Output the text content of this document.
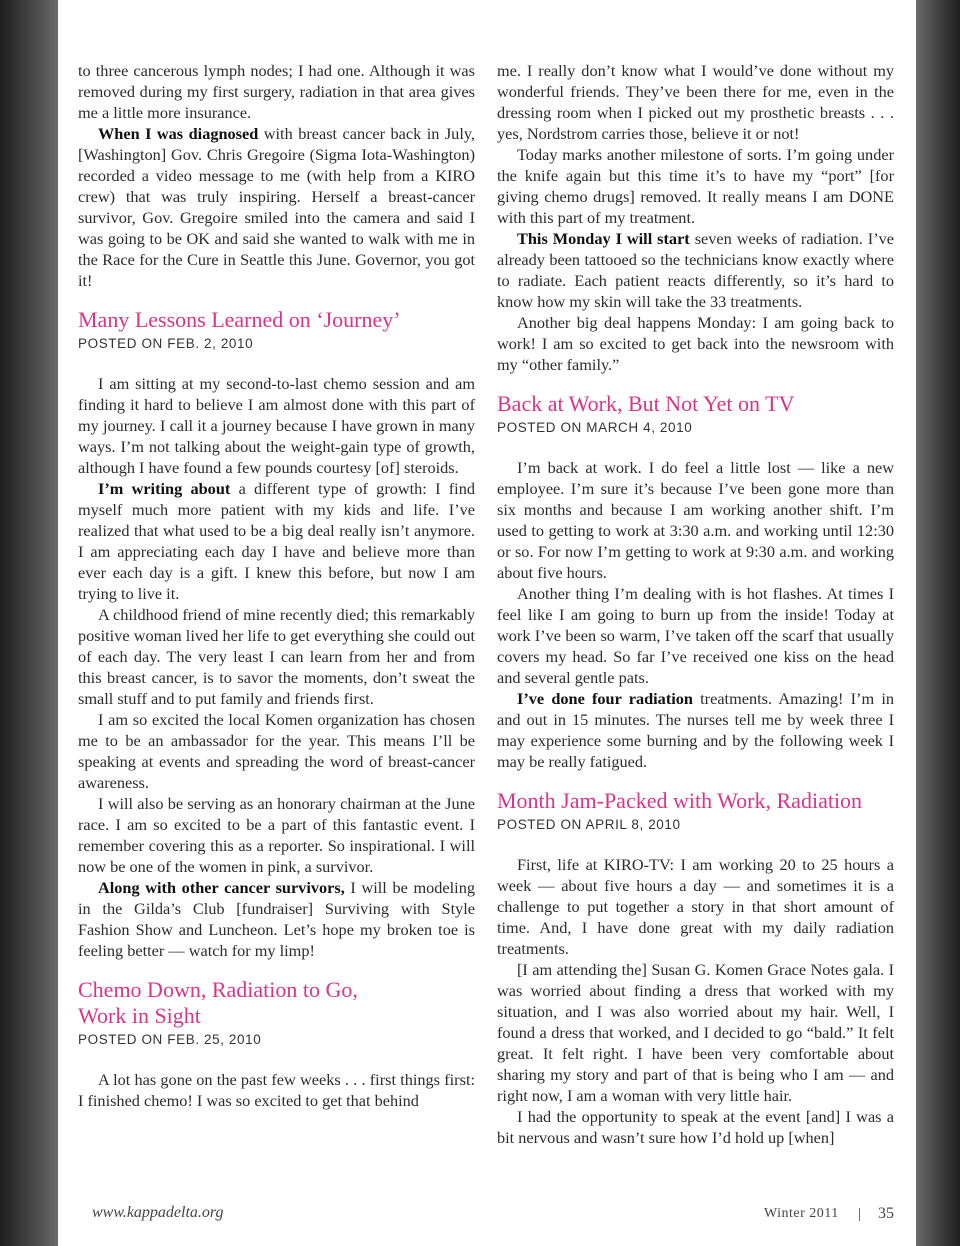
to three cancerous lymph nodes; I had one. Although it was removed during my first surgery, radiation in that area gives me a little more insurance.

When I was diagnosed with breast cancer back in July, [Washington] Gov. Chris Gregoire (Sigma Iota-Washington) recorded a video message to me (with help from a KIRO crew) that was truly inspiring. Herself a breast-cancer survivor, Gov. Gregoire smiled into the camera and said I was going to be OK and said she wanted to walk with me in the Race for the Cure in Seattle this June. Governor, you got it!

Many Lessons Learned on ‘Journey’
POSTED ON FEB. 2, 2010

I am sitting at my second-to-last chemo session and am finding it hard to believe I am almost done with this part of my journey. I call it a journey because I have grown in many ways. I’m not talking about the weight-gain type of growth, although I have found a few pounds courtesy [of] steroids.

I’m writing about a different type of growth: I find myself much more patient with my kids and life. I’ve realized that what used to be a big deal really isn’t anymore. I am appreciating each day I have and believe more than ever each day is a gift. I knew this before, but now I am trying to live it.

A childhood friend of mine recently died; this remarkably positive woman lived her life to get everything she could out of each day. The very least I can learn from her and from this breast cancer, is to savor the moments, don’t sweat the small stuff and to put family and friends first.

I am so excited the local Komen organization has chosen me to be an ambassador for the year. This means I’ll be speaking at events and spreading the word of breast-cancer awareness.

I will also be serving as an honorary chairman at the June race. I am so excited to be a part of this fantastic event. I remember covering this as a reporter. So inspirational. I will now be one of the women in pink, a survivor.

Along with other cancer survivors, I will be modeling in the Gilda’s Club [fundraiser] Surviving with Style Fashion Show and Luncheon. Let’s hope my broken toe is feeling better — watch for my limp!

Chemo Down, Radiation to Go,
Work in Sight
POSTED ON FEB. 25, 2010

A lot has gone on the past few weeks . . . first things first: I finished chemo! I was so excited to get that behind

me. I really don’t know what I would’ve done without my wonderful friends. They’ve been there for me, even in the dressing room when I picked out my prosthetic breasts . . . yes, Nordstrom carries those, believe it or not!

Today marks another milestone of sorts. I’m going under the knife again but this time it’s to have my “port” [for giving chemo drugs] removed. It really means I am DONE with this part of my treatment.

This Monday I will start seven weeks of radiation. I’ve already been tattooed so the technicians know exactly where to radiate. Each patient reacts differently, so it’s hard to know how my skin will take the 33 treatments.

Another big deal happens Monday: I am going back to work! I am so excited to get back into the newsroom with my “other family.”

Back at Work, But Not Yet on TV
POSTED ON MARCH 4, 2010

I’m back at work. I do feel a little lost — like a new employee. I’m sure it’s because I’ve been gone more than six months and because I am working another shift. I’m used to getting to work at 3:30 a.m. and working until 12:30 or so. For now I’m getting to work at 9:30 a.m. and working about five hours.

Another thing I’m dealing with is hot flashes. At times I feel like I am going to burn up from the inside! Today at work I’ve been so warm, I’ve taken off the scarf that usually covers my head. So far I’ve received one kiss on the head and several gentle pats.

I’ve done four radiation treatments. Amazing! I’m in and out in 15 minutes. The nurses tell me by week three I may experience some burning and by the following week I may be really fatigued.

Month Jam-Packed with Work, Radiation
POSTED ON APRIL 8, 2010

First, life at KIRO-TV: I am working 20 to 25 hours a week — about five hours a day — and sometimes it is a challenge to put together a story in that short amount of time. And, I have done great with my daily radiation treatments.

[I am attending the] Susan G. Komen Grace Notes gala. I was worried about finding a dress that worked with my situation, and I was also worried about my hair. Well, I found a dress that worked, and I decided to go “bald.” It felt great. It felt right. I have been very comfortable about sharing my story and part of that is being who I am — and right now, I am a woman with very little hair.

I had the opportunity to speak at the event [and] I was a bit nervous and wasn’t sure how I’d hold up [when]

www.kappadelta.org	Winter 2011 | 35
